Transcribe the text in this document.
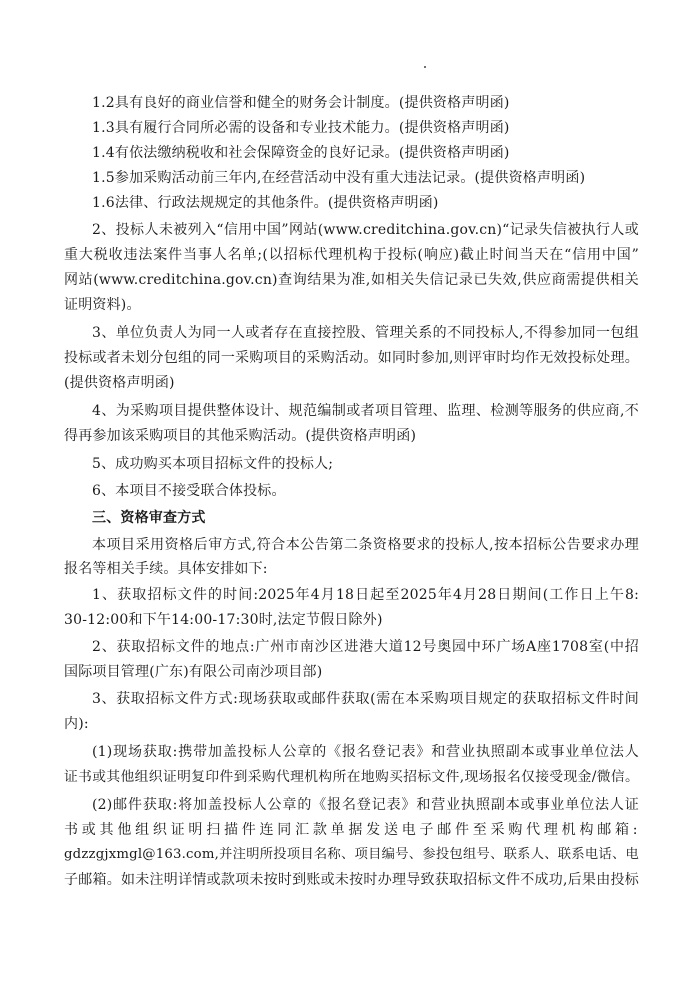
1.2具有良好的商业信誉和健全的财务会计制度。(提供资格声明函)
1.3具有履行合同所必需的设备和专业技术能力。(提供资格声明函)
1.4有依法缴纳税收和社会保障资金的良好记录。(提供资格声明函)
1.5参加采购活动前三年内,在经营活动中没有重大违法记录。(提供资格声明函)
1.6法律、行政法规规定的其他条件。(提供资格声明函)
2、投标人未被列入“信用中国”网站(www.creditchina.gov.cn)“记录失信被执行人或
重大税收违法案件当事人名单;(以招标代理机构于投标(响应)截止时间当天在“信用中国”
网站(www.creditchina.gov.cn)查询结果为准,如相关失信记录已失效,供应商需提供相关
证明资料)。
3、单位负责人为同一人或者存在直接控股、管理关系的不同投标人,不得参加同一包组
投标或者未划分包组的同一采购项目的采购活动。如同时参加,则评审时均作无效投标处理。
(提供资格声明函)
4、为采购项目提供整体设计、规范编制或者项目管理、监理、检测等服务的供应商,不
得再参加该采购项目的其他采购活动。(提供资格声明函)
5、成功购买本项目招标文件的投标人;
6、本项目不接受联合体投标。
三、资格审查方式
本项目采用资格后审方式,符合本公告第二条资格要求的投标人,按本招标公告要求办理
报名等相关手续。具体安排如下:
1、获取招标文件的时间:2025年4月18日起至2025年4月28日期间(工作日上午8:
30-12:00和下午14:00-17:30时,法定节假日除外)
2、获取招标文件的地点:广州市南沙区进港大道12号奥园中环广场A座1708室(中招
国际项目管理(广东)有限公司南沙项目部)
3、获取招标文件方式:现场获取或邮件获取(需在本采购项目规定的获取招标文件时间
内):
(1)现场获取:携带加盖投标人公章的《报名登记表》和营业执照副本或事业单位法人
证书或其他组织证明复印件到采购代理机构所在地购买招标文件,现场报名仅接受现金/微信。
(2)邮件获取:将加盖投标人公章的《报名登记表》和营业执照副本或事业单位法人证
书或其他组织证明扫描件连同汇款单据发送电子邮件至采购代理机构邮箱:
gdzzgjxmgl@163.com,并注明所投项目名称、项目编号、参投包组号、联系人、联系电话、电
子邮箱。如未注明详情或款项未按时到账或未按时办理导致获取招标文件不成功,后果由投标
